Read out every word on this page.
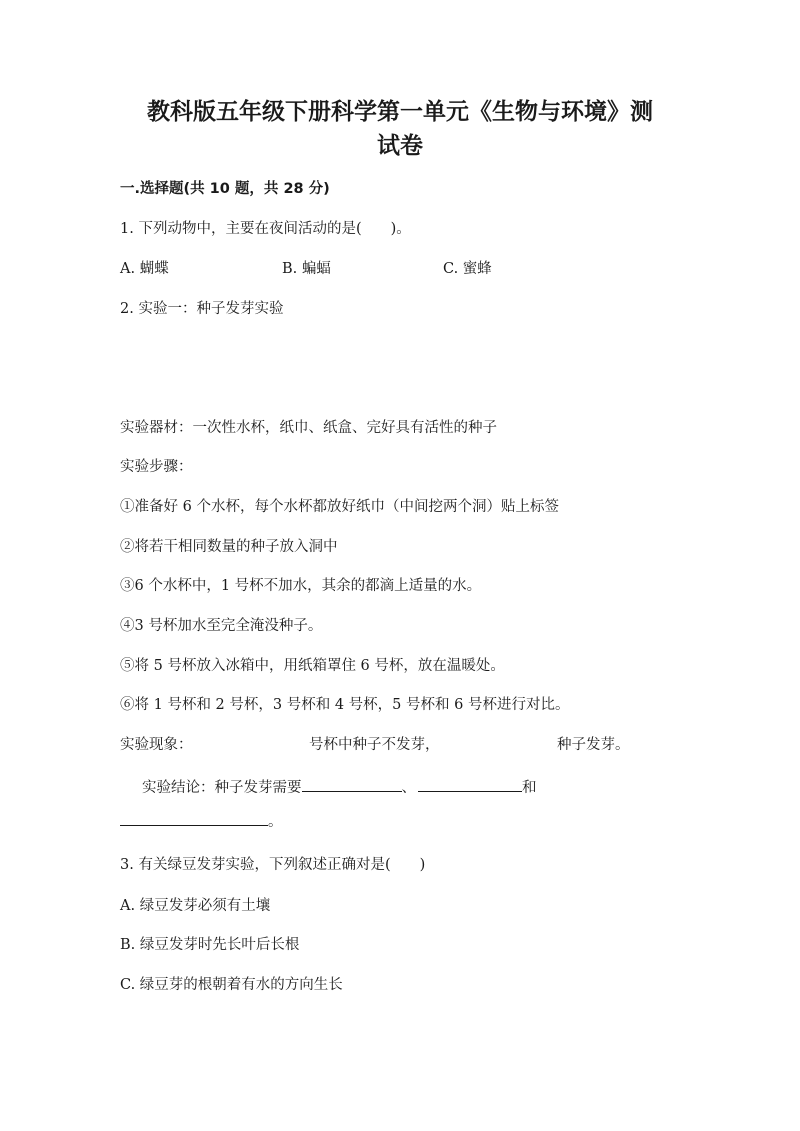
教科版五年级下册科学第一单元《生物与环境》测
试卷
一.选择题(共 10 题，共 28 分)
1. 下列动物中，主要在夜间活动的是(　　)。
A. 蝴蝶	B. 蝙蝠	C. 蜜蜂
2. 实验一：种子发芽实验
实验器材：一次性水杯，纸巾、纸盒、完好具有活性的种子
实验步骤：
①准备好 6 个水杯，每个水杯都放好纸巾（中间挖两个洞）贴上标签
②将若干相同数量的种子放入洞中
③6 个水杯中，1 号杯不加水，其余的都滴上适量的水。
④3 号杯加水至完全淹没种子。
⑤将 5 号杯放入冰箱中，用纸箱罩住 6 号杯，放在温暖处。
⑥将 1 号杯和 2 号杯，3 号杯和 4 号杯，5 号杯和 6 号杯进行对比。
实验现象：	号杯中种子不发芽，	种子发芽。
实验结论：种子发芽需要	、	和
。
3. 有关绿豆发芽实验，下列叙述正确对是(　　)
A. 绿豆发芽必须有土壤
B. 绿豆发芽时先长叶后长根
C. 绿豆芽的根朝着有水的方向生长
